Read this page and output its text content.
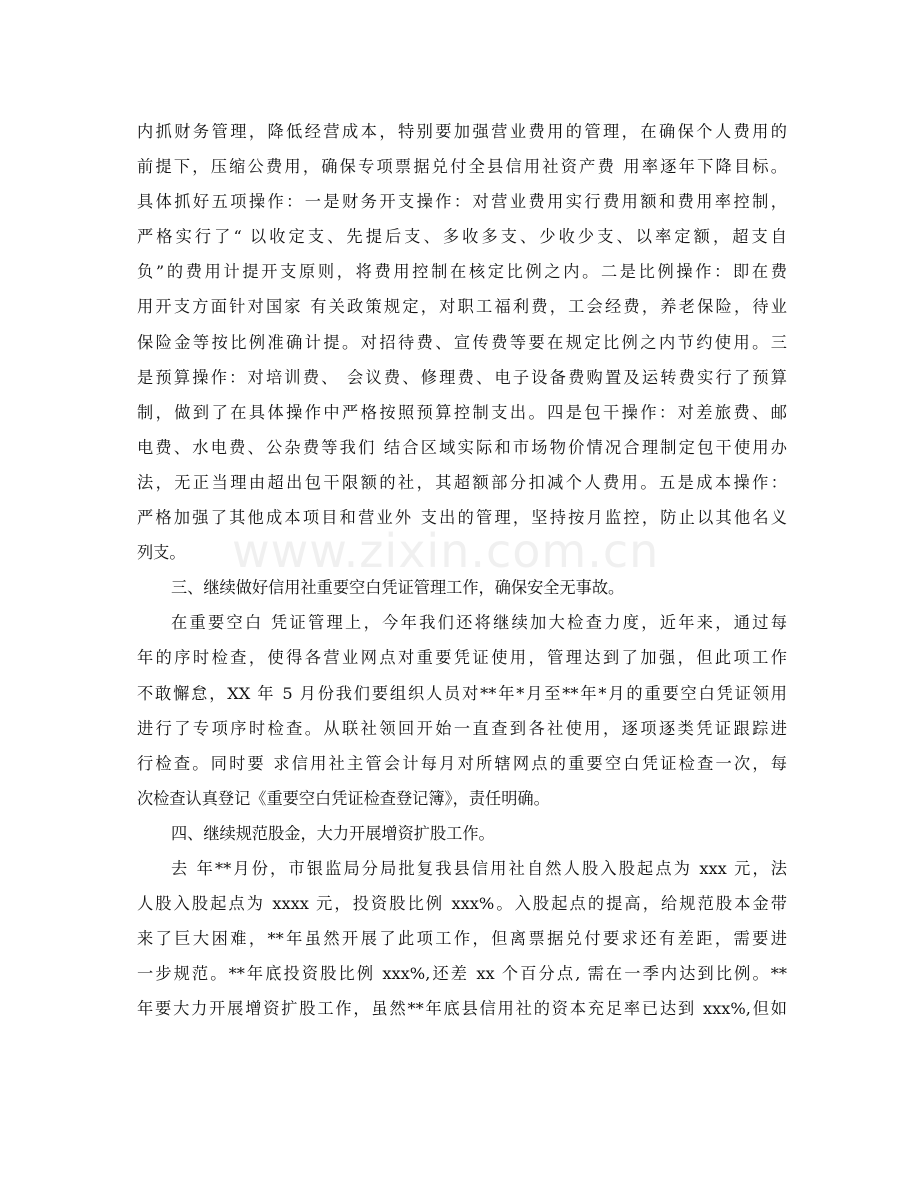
www.zixin.com.cn
内抓财务管理，降低经营成本，特别要加强营业费用的管理，在确保个人费用的
前提下，压缩公费用，确保专项票据兑付全县信用社资产费 用率逐年下降目标。
具体抓好五项操作：一是财务开支操作：对营业费用实行费用额和费用率控制，
严格实行了“ 以收定支、先提后支、多收多支、少收少支、以率定额，超支自
负”的费用计提开支原则，将费用控制在核定比例之内。二是比例操作：即在费
用开支方面针对国家 有关政策规定，对职工福利费，工会经费，养老保险，待业
保险金等按比例准确计提。对招待费、宣传费等要在规定比例之内节约使用。三
是预算操作：对培训费、 会议费、修理费、电子设备费购置及运转费实行了预算
制，做到了在具体操作中严格按照预算控制支出。四是包干操作：对差旅费、邮
电费、水电费、公杂费等我们 结合区域实际和市场物价情况合理制定包干使用办
法，无正当理由超出包干限额的社，其超额部分扣减个人费用。五是成本操作：
严格加强了其他成本项目和营业外 支出的管理，坚持按月监控，防止以其他名义
列支。
三、继续做好信用社重要空白凭证管理工作，确保安全无事故。
在重要空白 凭证管理上，今年我们还将继续加大检查力度，近年来，通过每
年的序时检查，使得各营业网点对重要凭证使用，管理达到了加强，但此项工作
不敢懈怠，XX 年 5 月份我们要组织人员对**年*月至**年*月的重要空白凭证领用
进行了专项序时检查。从联社领回开始一直查到各社使用，逐项逐类凭证跟踪进
行检查。同时要 求信用社主管会计每月对所辖网点的重要空白凭证检查一次，每
次检查认真登记《重要空白凭证检查登记簿》，责任明确。
四、继续规范股金，大力开展增资扩股工作。
去 年**月份，市银监局分局批复我县信用社自然人股入股起点为 xxx 元，法
人股入股起点为 xxxx 元，投资股比例 xxx%。入股起点的提高，给规范股本金带
来了巨大困难，**年虽然开展了此项工作，但离票据兑付要求还有差距，需要进
一步规范。**年底投资股比例 xxx%,还差 xx 个百分点, 需在一季内达到比例。**
年要大力开展增资扩股工作，虽然**年底县信用社的资本充足率已达到 xxx%,但如
